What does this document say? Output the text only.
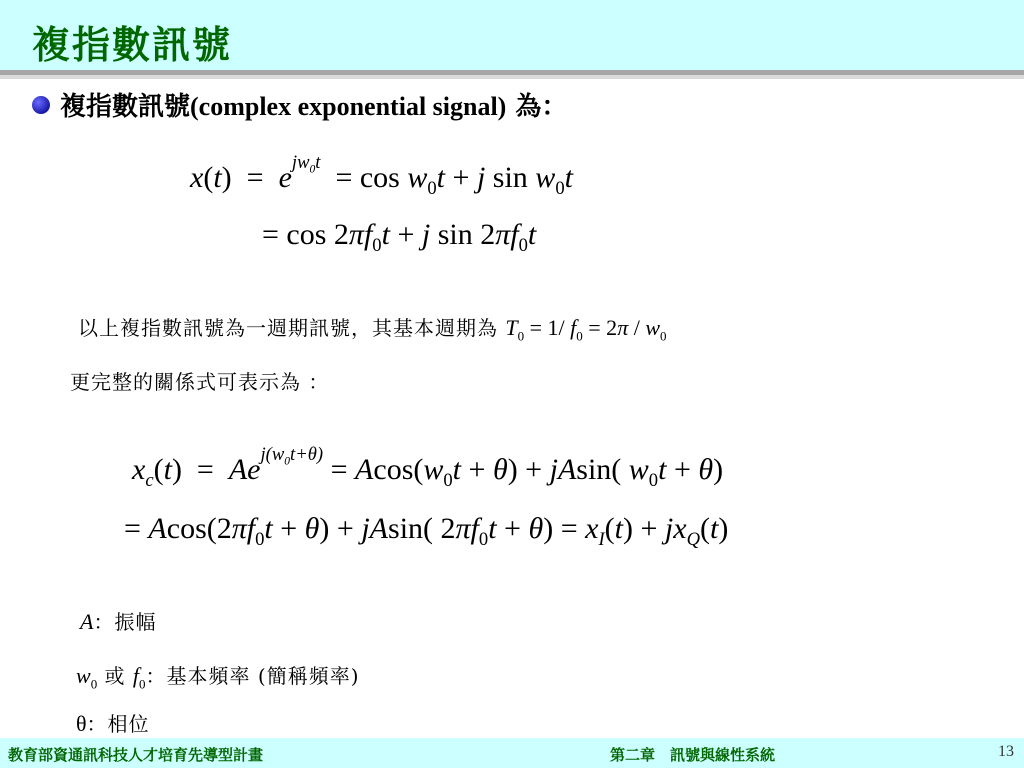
複指數訊號
複指數訊號(complex exponential signal) 為：
$x(t) = e^{jw_0t} = \cos w_0t + j$ $\sin w_0t$
= $\cos 2\pi f_0t + j$ $\sin 2\pi f_0t$
以上複指數訊號為一週期訊號，其基本週期為 $T_0 = 1/$ $f_0 = 2\pi / w_0$
更完整的關係式可表示為 ：
$x_c(t) = Ae^{j(w_0t+\theta)} = Acos(w_0t + \theta) + jAsin$( $w_0t + \theta$)
= $Acos(2\pi f_0t + \theta) + jAsin$( $2\pi f_0t + \theta) = x_I(t) + jx_Q(t)$
A：振幅
$w_0$ 或 $f_0$：基本頻率 (簡稱頻率)
θ：相位
教育部資通訊科技人才培育先導型計畫	第二章　訊號與線性系統	13
